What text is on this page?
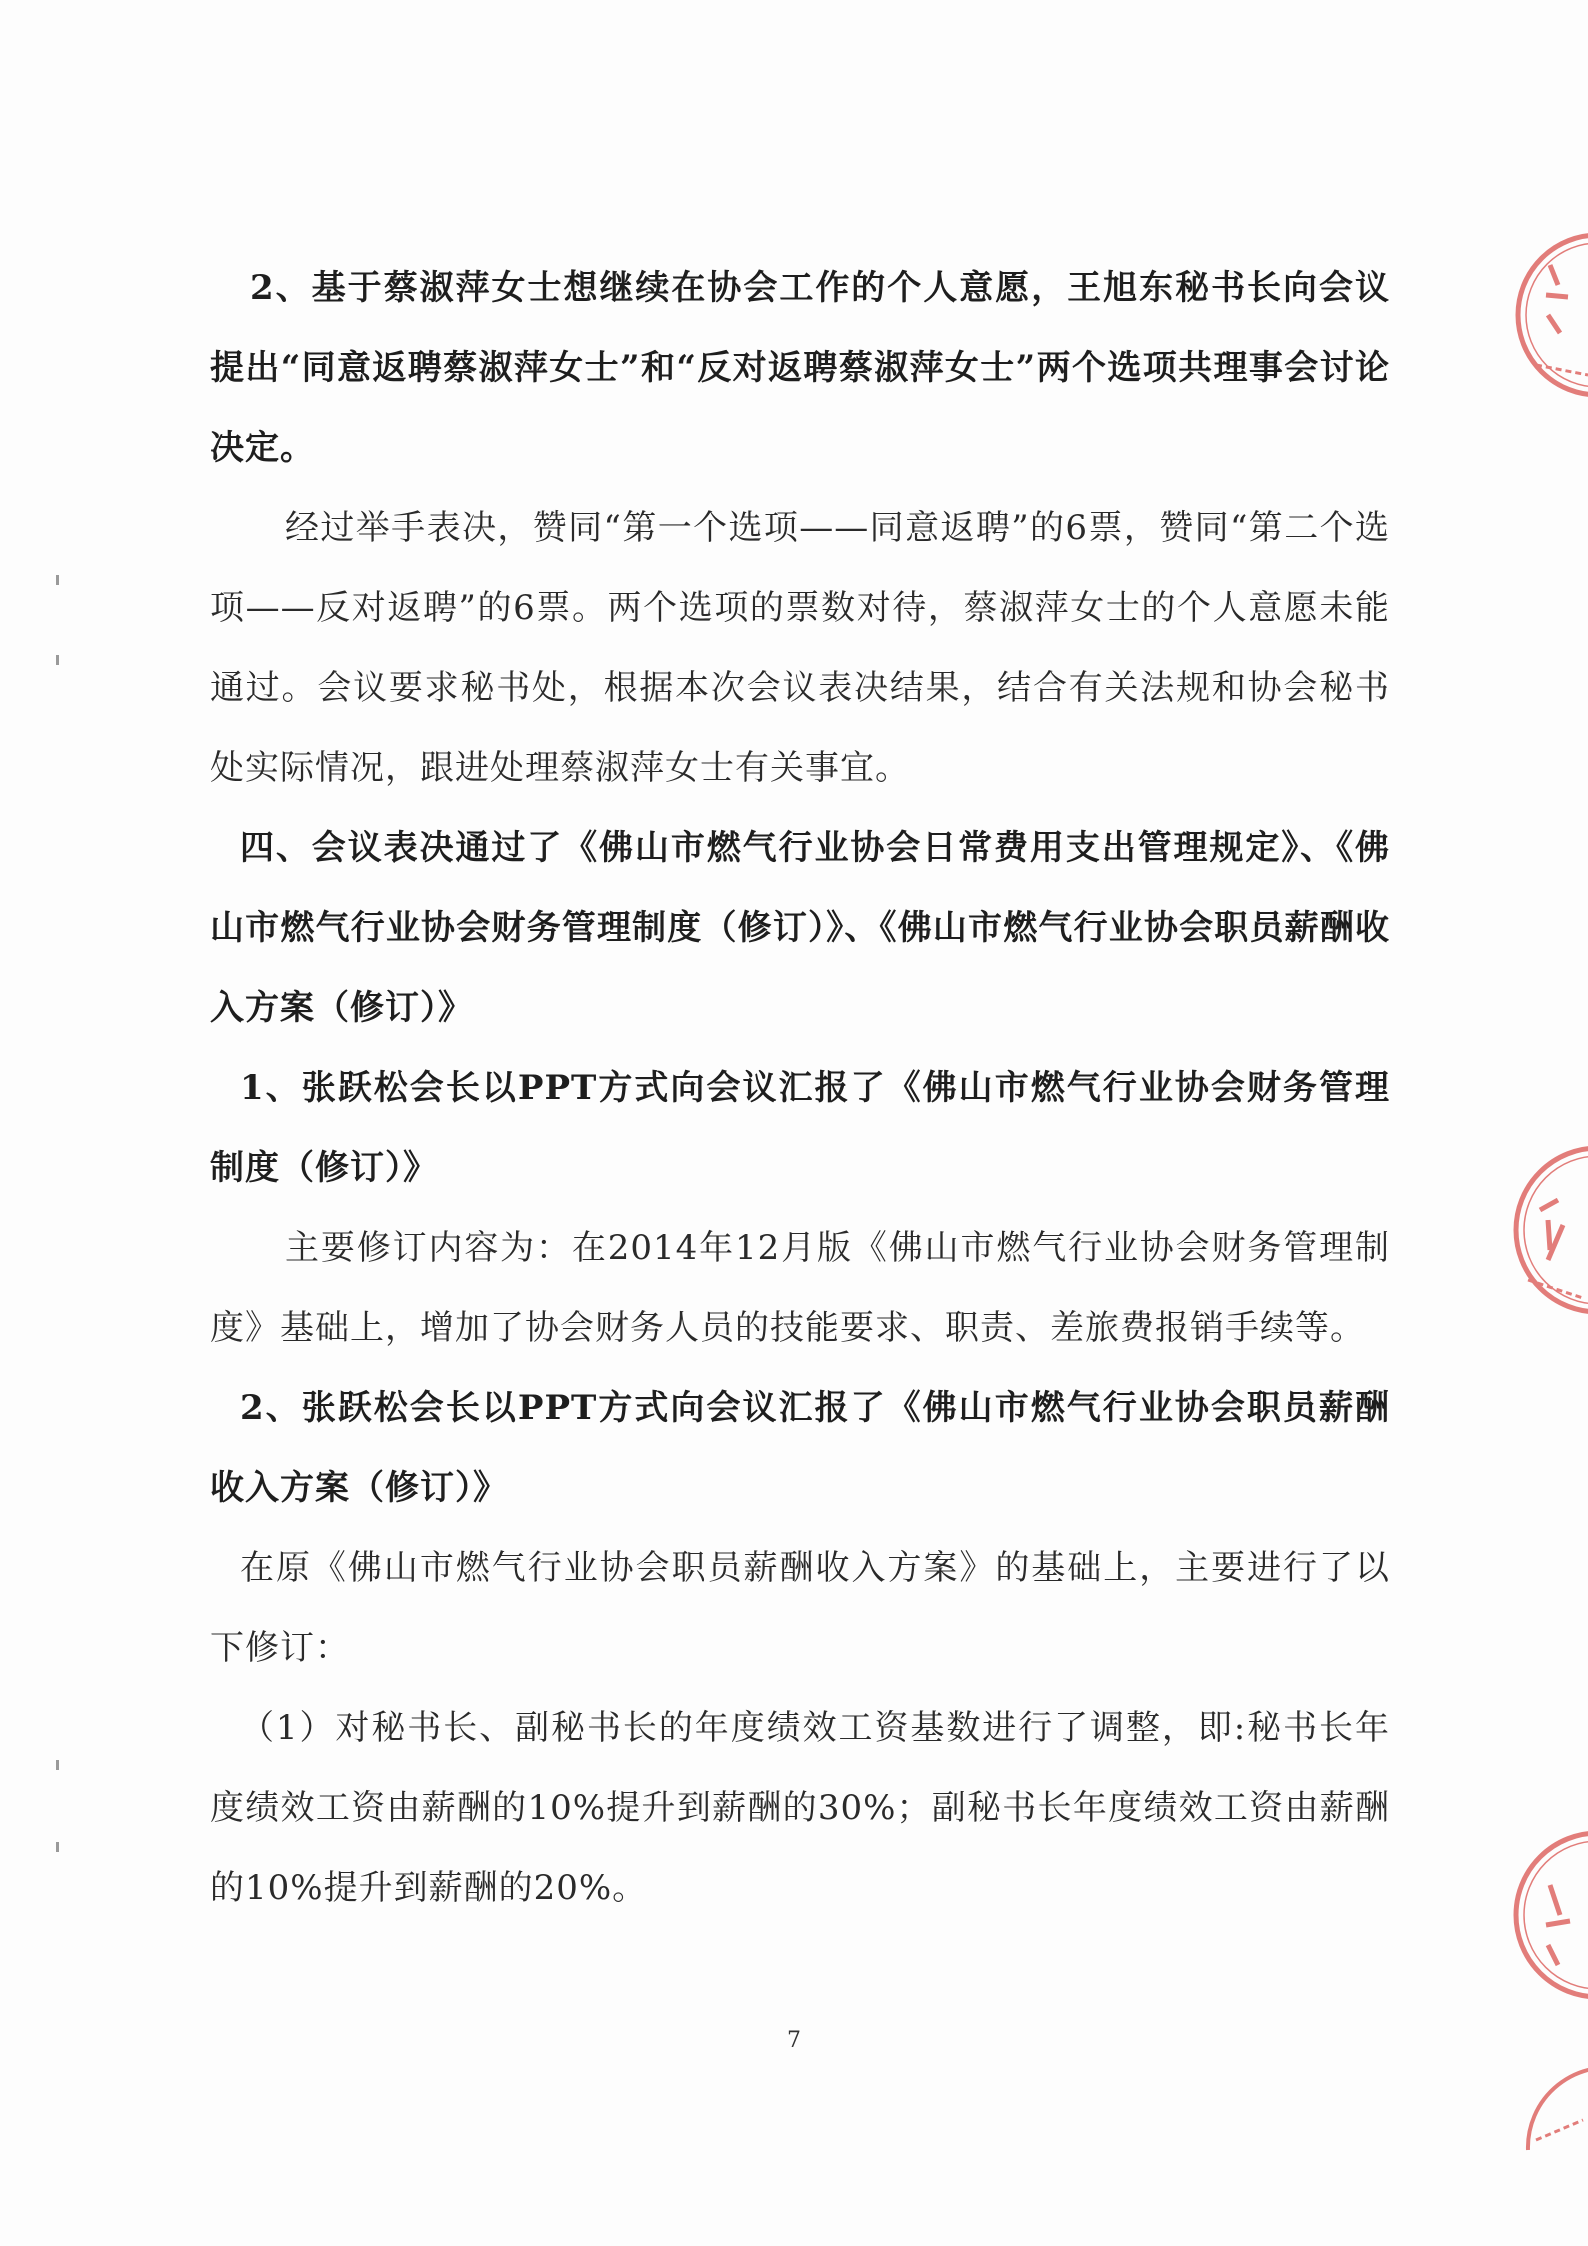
2、基于蔡淑萍女士想继续在协会工作的个人意愿，王旭东秘书长向会议提出“同意返聘蔡淑萍女士”和“反对返聘蔡淑萍女士”两个选项共理事会讨论决定。

经过举手表决，赞同“第一个选项——同意返聘”的6票，赞同“第二个选项——反对返聘”的6票。两个选项的票数对待，蔡淑萍女士的个人意愿未能通过。会议要求秘书处，根据本次会议表决结果，结合有关法规和协会秘书处实际情况，跟进处理蔡淑萍女士有关事宜。

四、会议表决通过了《佛山市燃气行业协会日常费用支出管理规定》、《佛山市燃气行业协会财务管理制度（修订）》、《佛山市燃气行业协会职员薪酬收入方案（修订）》

1、张跃松会长以PPT方式向会议汇报了《佛山市燃气行业协会财务管理制度（修订）》

主要修订内容为：在2014年12月版《佛山市燃气行业协会财务管理制度》基础上，增加了协会财务人员的技能要求、职责、差旅费报销手续等。

2、张跃松会长以PPT方式向会议汇报了《佛山市燃气行业协会职员薪酬收入方案（修订）》

在原《佛山市燃气行业协会职员薪酬收入方案》的基础上，主要进行了以下修订：

（1）对秘书长、副秘书长的年度绩效工资基数进行了调整，即:秘书长年度绩效工资由薪酬的10%提升到薪酬的30%；副秘书长年度绩效工资由薪酬的10%提升到薪酬的20%。

7
